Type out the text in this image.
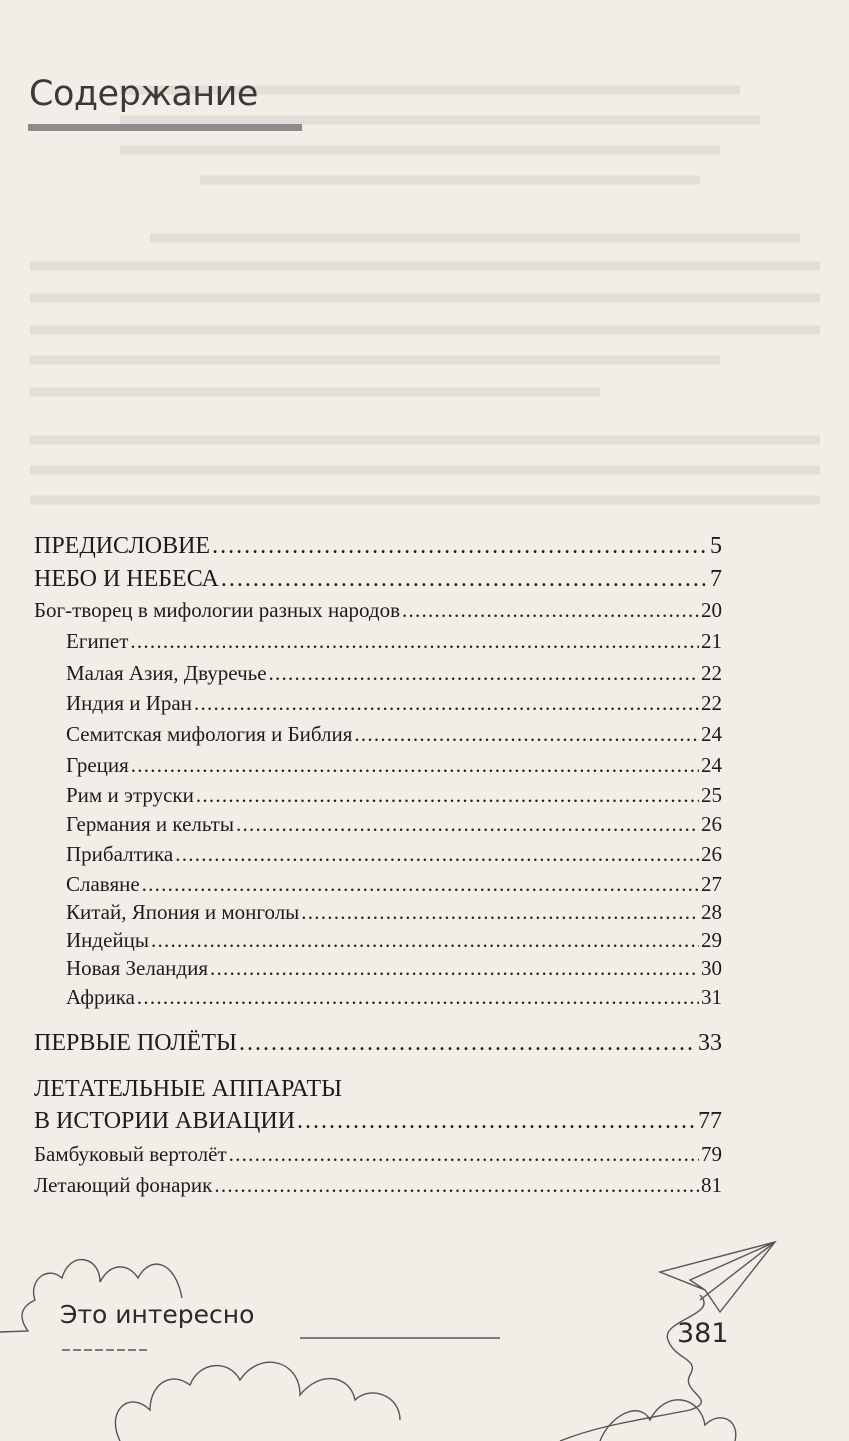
Содержание
ПРЕДИСЛОВИЕ . . .	5
НЕБО И НЕБЕСА . . .	7
Бог-творец в мифологии разных народов . . .	20
Египет . . .	21
Малая Азия, Двуречье . . .	22
Индия и Иран . . .	22
Семитская мифология и Библия . . .	24
Греция . . .	24
Рим и этруски . . .	25
Германия и кельты . . .	26
Прибалтика . . .	26
Славяне . . .	27
Китай, Япония и монголы . . .	28
Индейцы . . .	29
Новая Зеландия . . .	30
Африка . . .	31
ПЕРВЫЕ ПОЛЁТЫ . . .	33
ЛЕТАТЕЛЬНЫЕ АППАРАТЫ
В ИСТОРИИ АВИАЦИИ . . .	77
Бамбуковый вертолёт . . .	79
Летающий фонарик . . .	81
Это интересно
381
